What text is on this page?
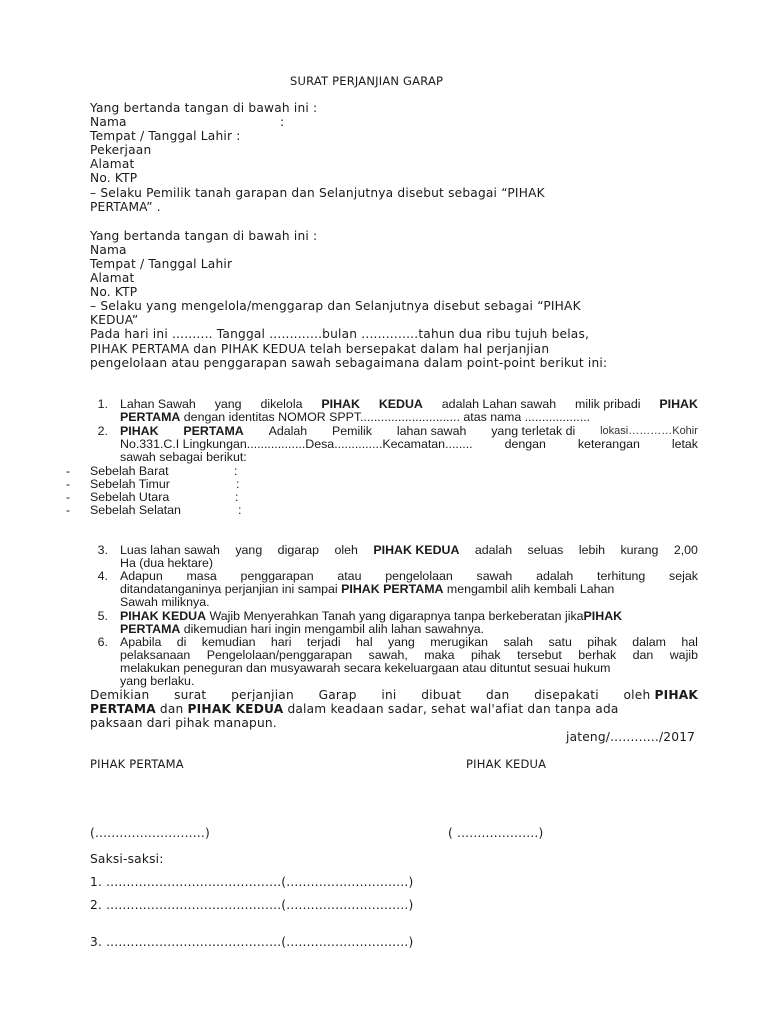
SURAT PERJANJIAN GARAP
Yang bertanda tangan di bawah ini :
Nama	:
Tempat / Tanggal Lahir :
Pekerjaan
Alamat
No. KTP
– Selaku Pemilik tanah garapan dan Selanjutnya disebut sebagai “PIHAK
PERTAMA” .
Yang bertanda tangan di bawah ini :
Nama
Tempat / Tanggal Lahir
Alamat
No. KTP
– Selaku yang mengelola/menggarap dan Selanjutnya disebut sebagai “PIHAK
KEDUA”
Pada hari ini .......... Tanggal .............bulan ..............tahun dua ribu tujuh belas,
PIHAK PERTAMA dan PIHAK KEDUA telah bersepakat dalam hal perjanjian
pengelolaan atau penggarapan sawah sebagaimana dalam point-point berikut ini:
1. Lahan Sawah yang dikelola PIHAK KEDUA adalah Lahan sawah milik pribadi PIHAK
PERTAMA dengan identitas NOMOR SPPT............................. atas nama ...................
2. PIHAK PERTAMA Adalah Pemilik lahan sawah yang terletak di lokasi…………Kohir
No.331.C.I Lingkungan.................Desa..............Kecamatan........	dengan	keterangan	letak
sawah sebagai berikut:
- Sebelah Barat	:
- Sebelah Timur	:
- Sebelah Utara	:
- Sebelah Selatan	:
3. Luas lahan sawah yang digarap oleh PIHAK KEDUA adalah seluas lebih kurang 2,00
Ha (dua hektare)
4. Adapun masa penggarapan atau pengelolaan sawah adalah terhitung sejak
ditandatanganinya perjanjian ini sampai PIHAK PERTAMA mengambil alih kembali Lahan
Sawah miliknya.
5. PIHAK KEDUA Wajib Menyerahkan Tanah yang digarapnya tanpa berkeberatan jikaPIHAK
PERTAMA dikemudian hari ingin mengambil alih lahan sawahnya.
6. Apabila di kemudian hari terjadi hal yang merugikan salah satu pihak dalam hal
pelaksanaan Pengelolaan/penggarapan sawah, maka pihak tersebut berhak dan wajib
melakukan peneguran dan musyawarah secara kekeluargaan atau dituntut sesuai hukum
yang berlaku.
Demikian surat perjanjian Garap ini dibuat dan disepakati oleh PIHAK
PERTAMA dan PIHAK KEDUA dalam keadaan sadar, sehat wal'afiat dan tanpa ada
paksaan dari pihak manapun.
jateng/............/2017
PIHAK PERTAMA	PIHAK KEDUA
(...........................)	( ....................)
Saksi-saksi:
1. ...........................................(..............................)
2. ...........................................(..............................)
3. ...........................................(..............................)
